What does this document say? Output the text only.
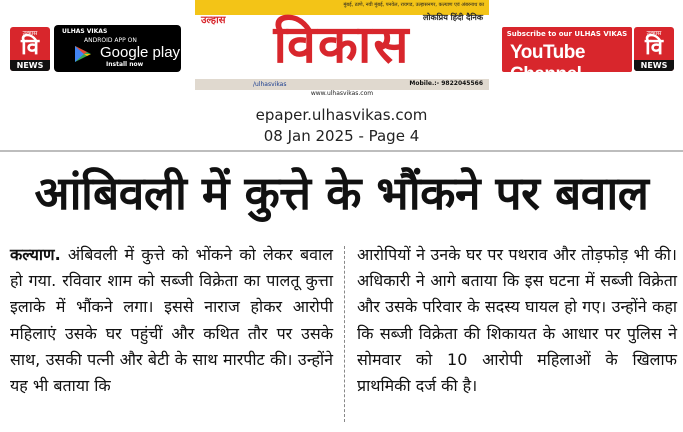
उल्हास
वि
NEWS
ULHAS VIKAS
ANDROID APP ON
Google play
Install now
मुंबई, ठाणे, नवी मुंबई, पनवेल, रायगड, उल्हासनगर, कल्याण एवं अंबरनाथ का
उल्हास	लोकप्रिय हिंदी दैनिक
विकास
/ulhasvikas	Mobile.:- 9822045566
www.ulhasvikas.com
Subscribe to our ULHAS VIKAS
YouTube Channel
उल्हास
वि
NEWS
epaper.ulhasvikas.com
08 Jan 2025 - Page 4
आंबिवली में कुत्ते के भौंकने पर बवाल
कल्याण. अंबिवली में कुत्ते को भोंकने को लेकर बवाल हो गया. रविवार शाम को सब्जी विक्रेता का पालतू कुत्ता इलाके में भौंकने लगा। इससे नाराज होकर आरोपी महिलाएं उसके घर पहुंचीं और कथित तौर पर उसके साथ, उसकी पत्नी और बेटी के साथ मारपीट की। उन्होंने यह भी बताया कि
आरोपियों ने उनके घर पर पथराव और तोड़फोड़ भी की। अधिकारी ने आगे बताया कि इस घटना में सब्जी विक्रेता और उसके परिवार के सदस्य घायल हो गए। उन्होंने कहा कि सब्जी विक्रेता की शिकायत के आधार पर पुलिस ने सोमवार को 10 आरोपी महिलाओं के खिलाफ प्राथमिकी दर्ज की है।
